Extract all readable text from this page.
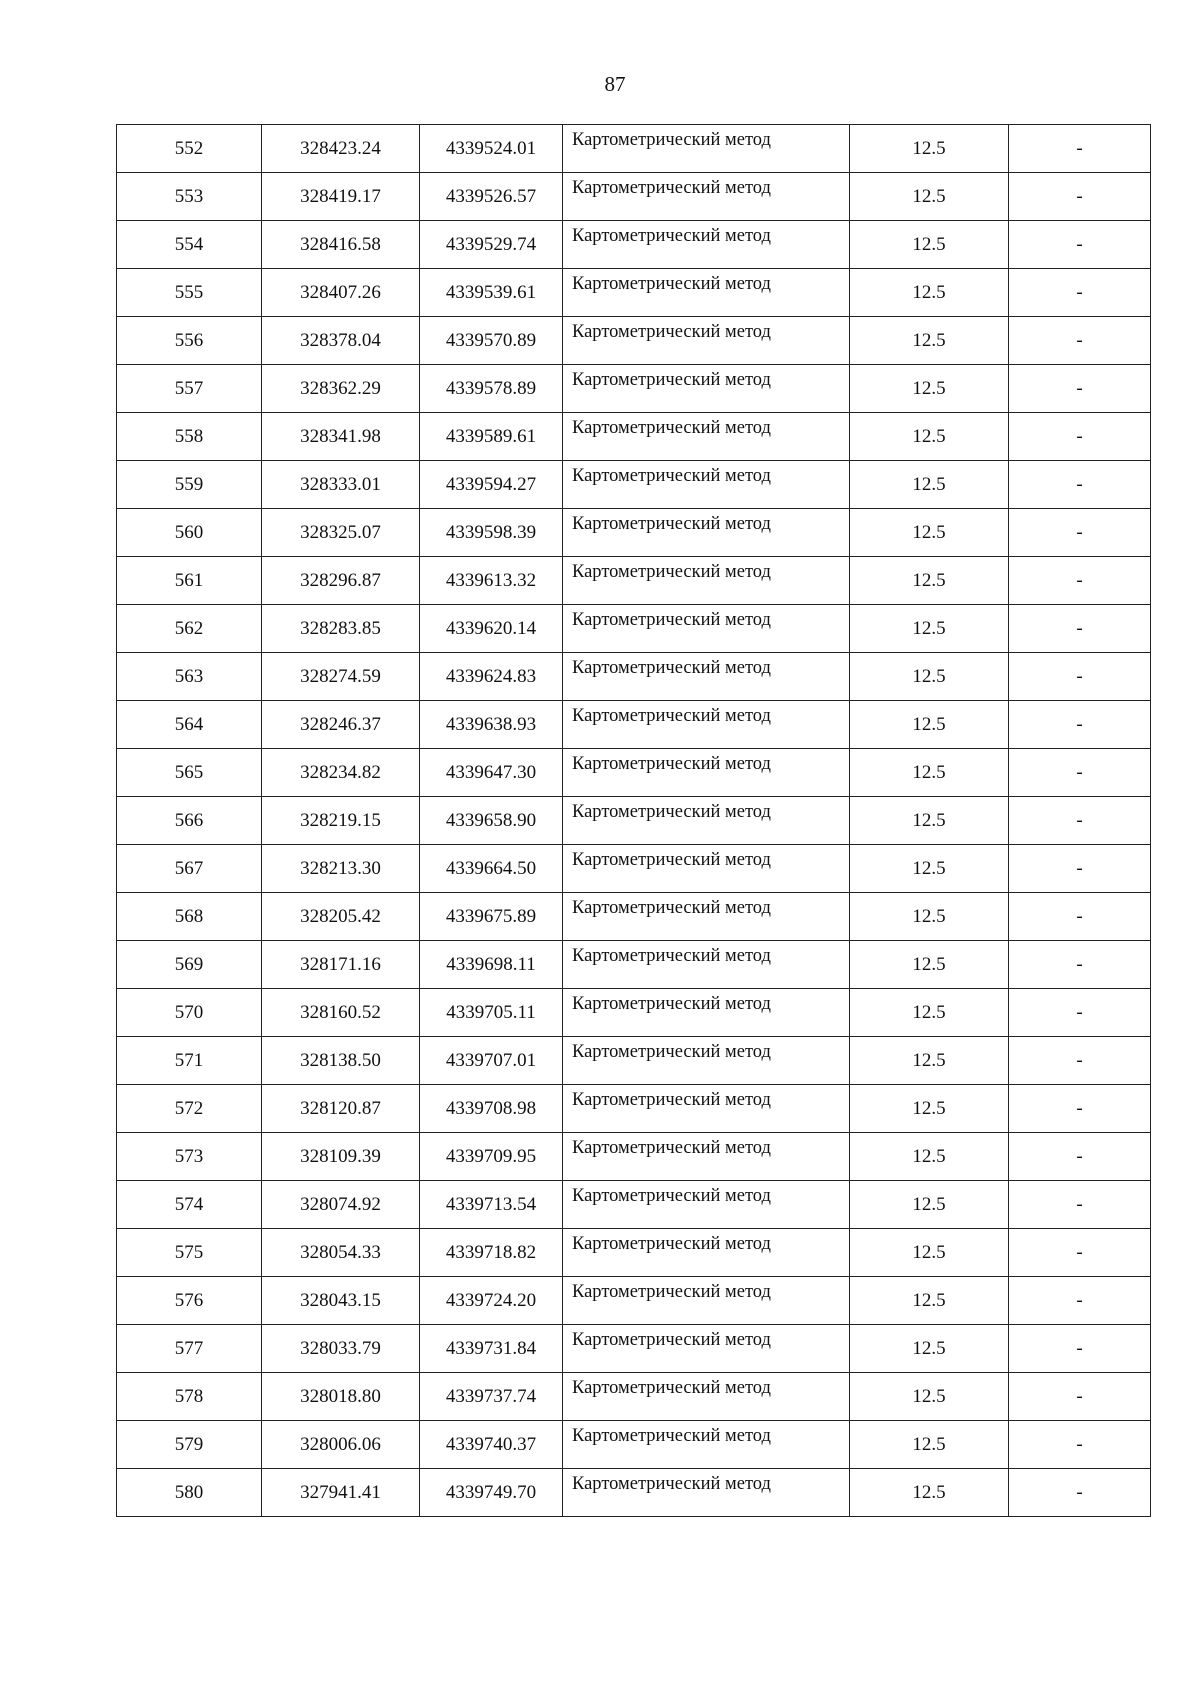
87
552	328423.24	4339524.01	Картометрический метод	12.5	-
553	328419.17	4339526.57	Картометрический метод	12.5	-
554	328416.58	4339529.74	Картометрический метод	12.5	-
555	328407.26	4339539.61	Картометрический метод	12.5	-
556	328378.04	4339570.89	Картометрический метод	12.5	-
557	328362.29	4339578.89	Картометрический метод	12.5	-
558	328341.98	4339589.61	Картометрический метод	12.5	-
559	328333.01	4339594.27	Картометрический метод	12.5	-
560	328325.07	4339598.39	Картометрический метод	12.5	-
561	328296.87	4339613.32	Картометрический метод	12.5	-
562	328283.85	4339620.14	Картометрический метод	12.5	-
563	328274.59	4339624.83	Картометрический метод	12.5	-
564	328246.37	4339638.93	Картометрический метод	12.5	-
565	328234.82	4339647.30	Картометрический метод	12.5	-
566	328219.15	4339658.90	Картометрический метод	12.5	-
567	328213.30	4339664.50	Картометрический метод	12.5	-
568	328205.42	4339675.89	Картометрический метод	12.5	-
569	328171.16	4339698.11	Картометрический метод	12.5	-
570	328160.52	4339705.11	Картометрический метод	12.5	-
571	328138.50	4339707.01	Картометрический метод	12.5	-
572	328120.87	4339708.98	Картометрический метод	12.5	-
573	328109.39	4339709.95	Картометрический метод	12.5	-
574	328074.92	4339713.54	Картометрический метод	12.5	-
575	328054.33	4339718.82	Картометрический метод	12.5	-
576	328043.15	4339724.20	Картометрический метод	12.5	-
577	328033.79	4339731.84	Картометрический метод	12.5	-
578	328018.80	4339737.74	Картометрический метод	12.5	-
579	328006.06	4339740.37	Картометрический метод	12.5	-
580	327941.41	4339749.70	Картометрический метод	12.5	-
